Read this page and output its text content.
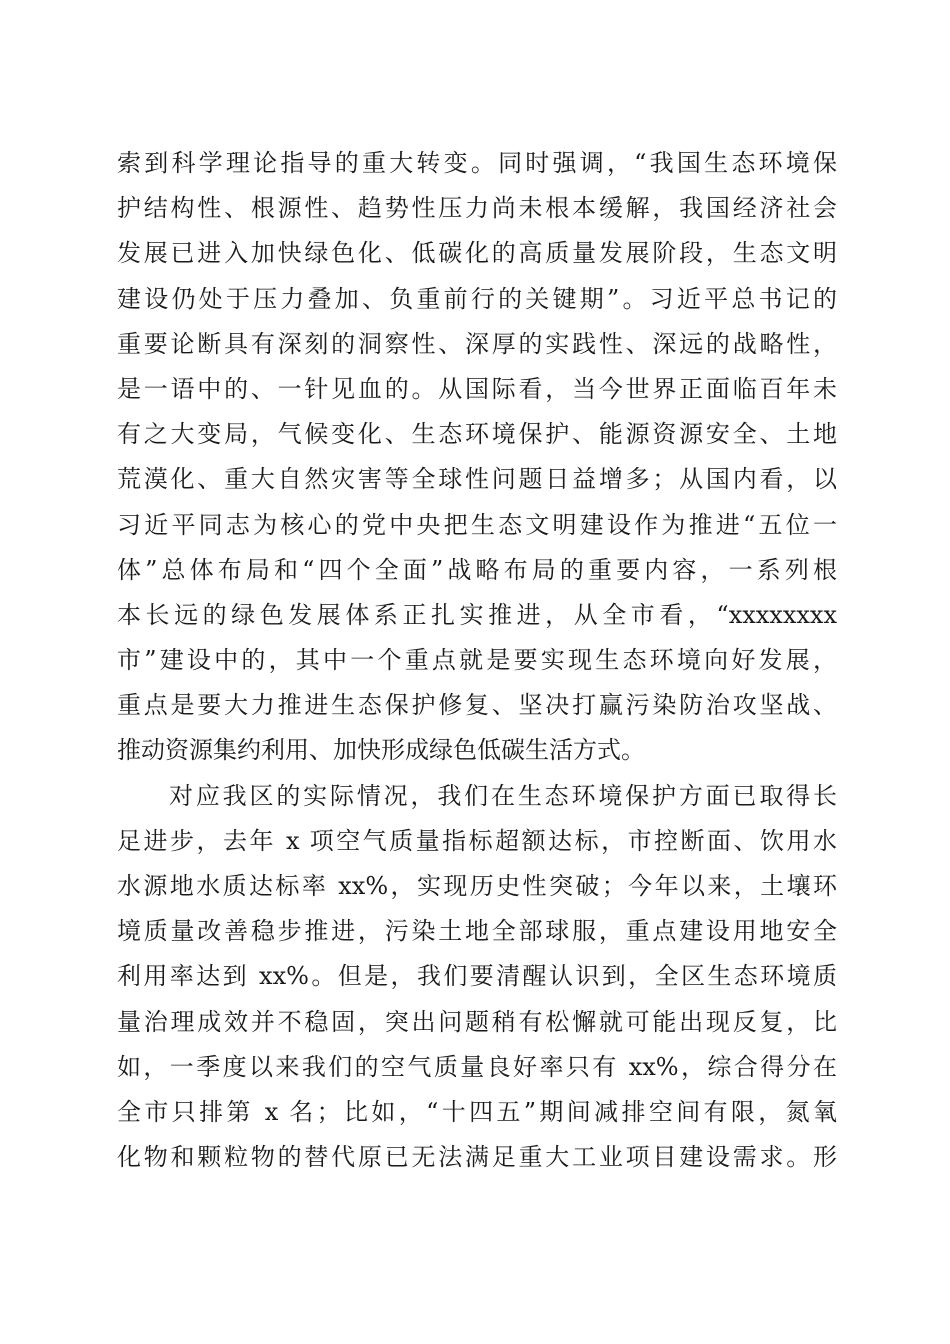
索到科学理论指导的重大转变。同时强调，“我国生态环境保
护结构性、根源性、趋势性压力尚未根本缓解，我国经济社会
发展已进入加快绿色化、低碳化的高质量发展阶段，生态文明
建设仍处于压力叠加、负重前行的关键期”。习近平总书记的
重要论断具有深刻的洞察性、深厚的实践性、深远的战略性，
是一语中的、一针见血的。从国际看，当今世界正面临百年未
有之大变局，气候变化、生态环境保护、能源资源安全、土地
荒漠化、重大自然灾害等全球性问题日益增多；从国内看，以
习近平同志为核心的党中央把生态文明建设作为推进“五位一
体”总体布局和“四个全面”战略布局的重要内容，一系列根
本长远的绿色发展体系正扎实推进，从全市看，“xxxxxxxx
市”建设中的，其中一个重点就是要实现生态环境向好发展，
重点是要大力推进生态保护修复、坚决打赢污染防治攻坚战、
推动资源集约利用、加快形成绿色低碳生活方式。
对应我区的实际情况，我们在生态环境保护方面已取得长
足进步，去年 x 项空气质量指标超额达标，市控断面、饮用水
水源地水质达标率 xx%，实现历史性突破；今年以来，土壤环
境质量改善稳步推进，污染土地全部球服，重点建设用地安全
利用率达到 xx%。但是，我们要清醒认识到，全区生态环境质
量治理成效并不稳固，突出问题稍有松懈就可能出现反复，比
如，一季度以来我们的空气质量良好率只有 xx%，综合得分在
全市只排第 x 名；比如，“十四五”期间减排空间有限，氮氧
化物和颗粒物的替代原已无法满足重大工业项目建设需求。形
